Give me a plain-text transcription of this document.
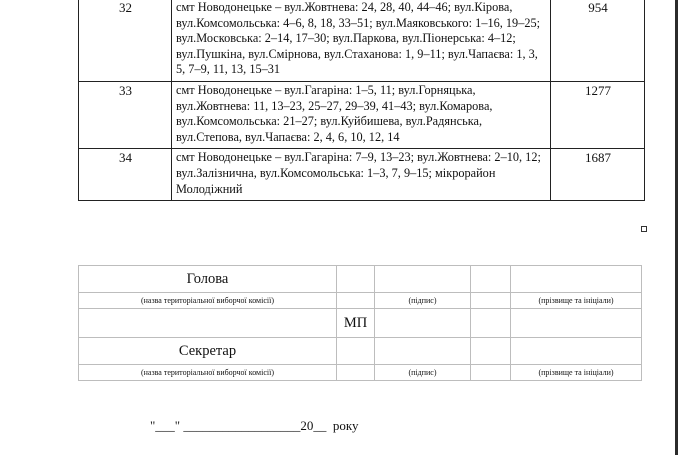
32	смт Новодонецьке – вул.Жовтнева: 24, 28, 40, 44–46; вул.Кірова, вул.Комсомольська: 4–6, 8, 18, 33–51; вул.Маяковського: 1–16, 19–25; вул.Московська: 2–14, 17–30; вул.Паркова, вул.Піонерська: 4–12; вул.Пушкіна, вул.Смірнова, вул.Стаханова: 1, 9–11; вул.Чапаєва: 1, 3, 5, 7–9, 11, 13, 15–31	954
33	смт Новодонецьке – вул.Гагаріна: 1–5, 11; вул.Горняцька, вул.Жовтнева: 11, 13–23, 25–27, 29–39, 41–43; вул.Комарова, вул.Комсомольська: 21–27; вул.Куйбишева, вул.Радянська, вул.Степова, вул.Чапаєва: 2, 4, 6, 10, 12, 14	1277
34	смт Новодонецьке – вул.Гагаріна: 7–9, 13–23; вул.Жовтнева: 2–10, 12; вул.Залізнична, вул.Комсомольська: 1–3, 7, 9–15; мікрорайон Молодіжний	1687
Голова				
(назва територіальної виборчої комісії)		(підпис)		(прізвище та ініціали)
	МП			
Секретар				
(назва територіальної виборчої комісії)		(підпис)		(прізвище та ініціали)
"___" __________________20__  року
